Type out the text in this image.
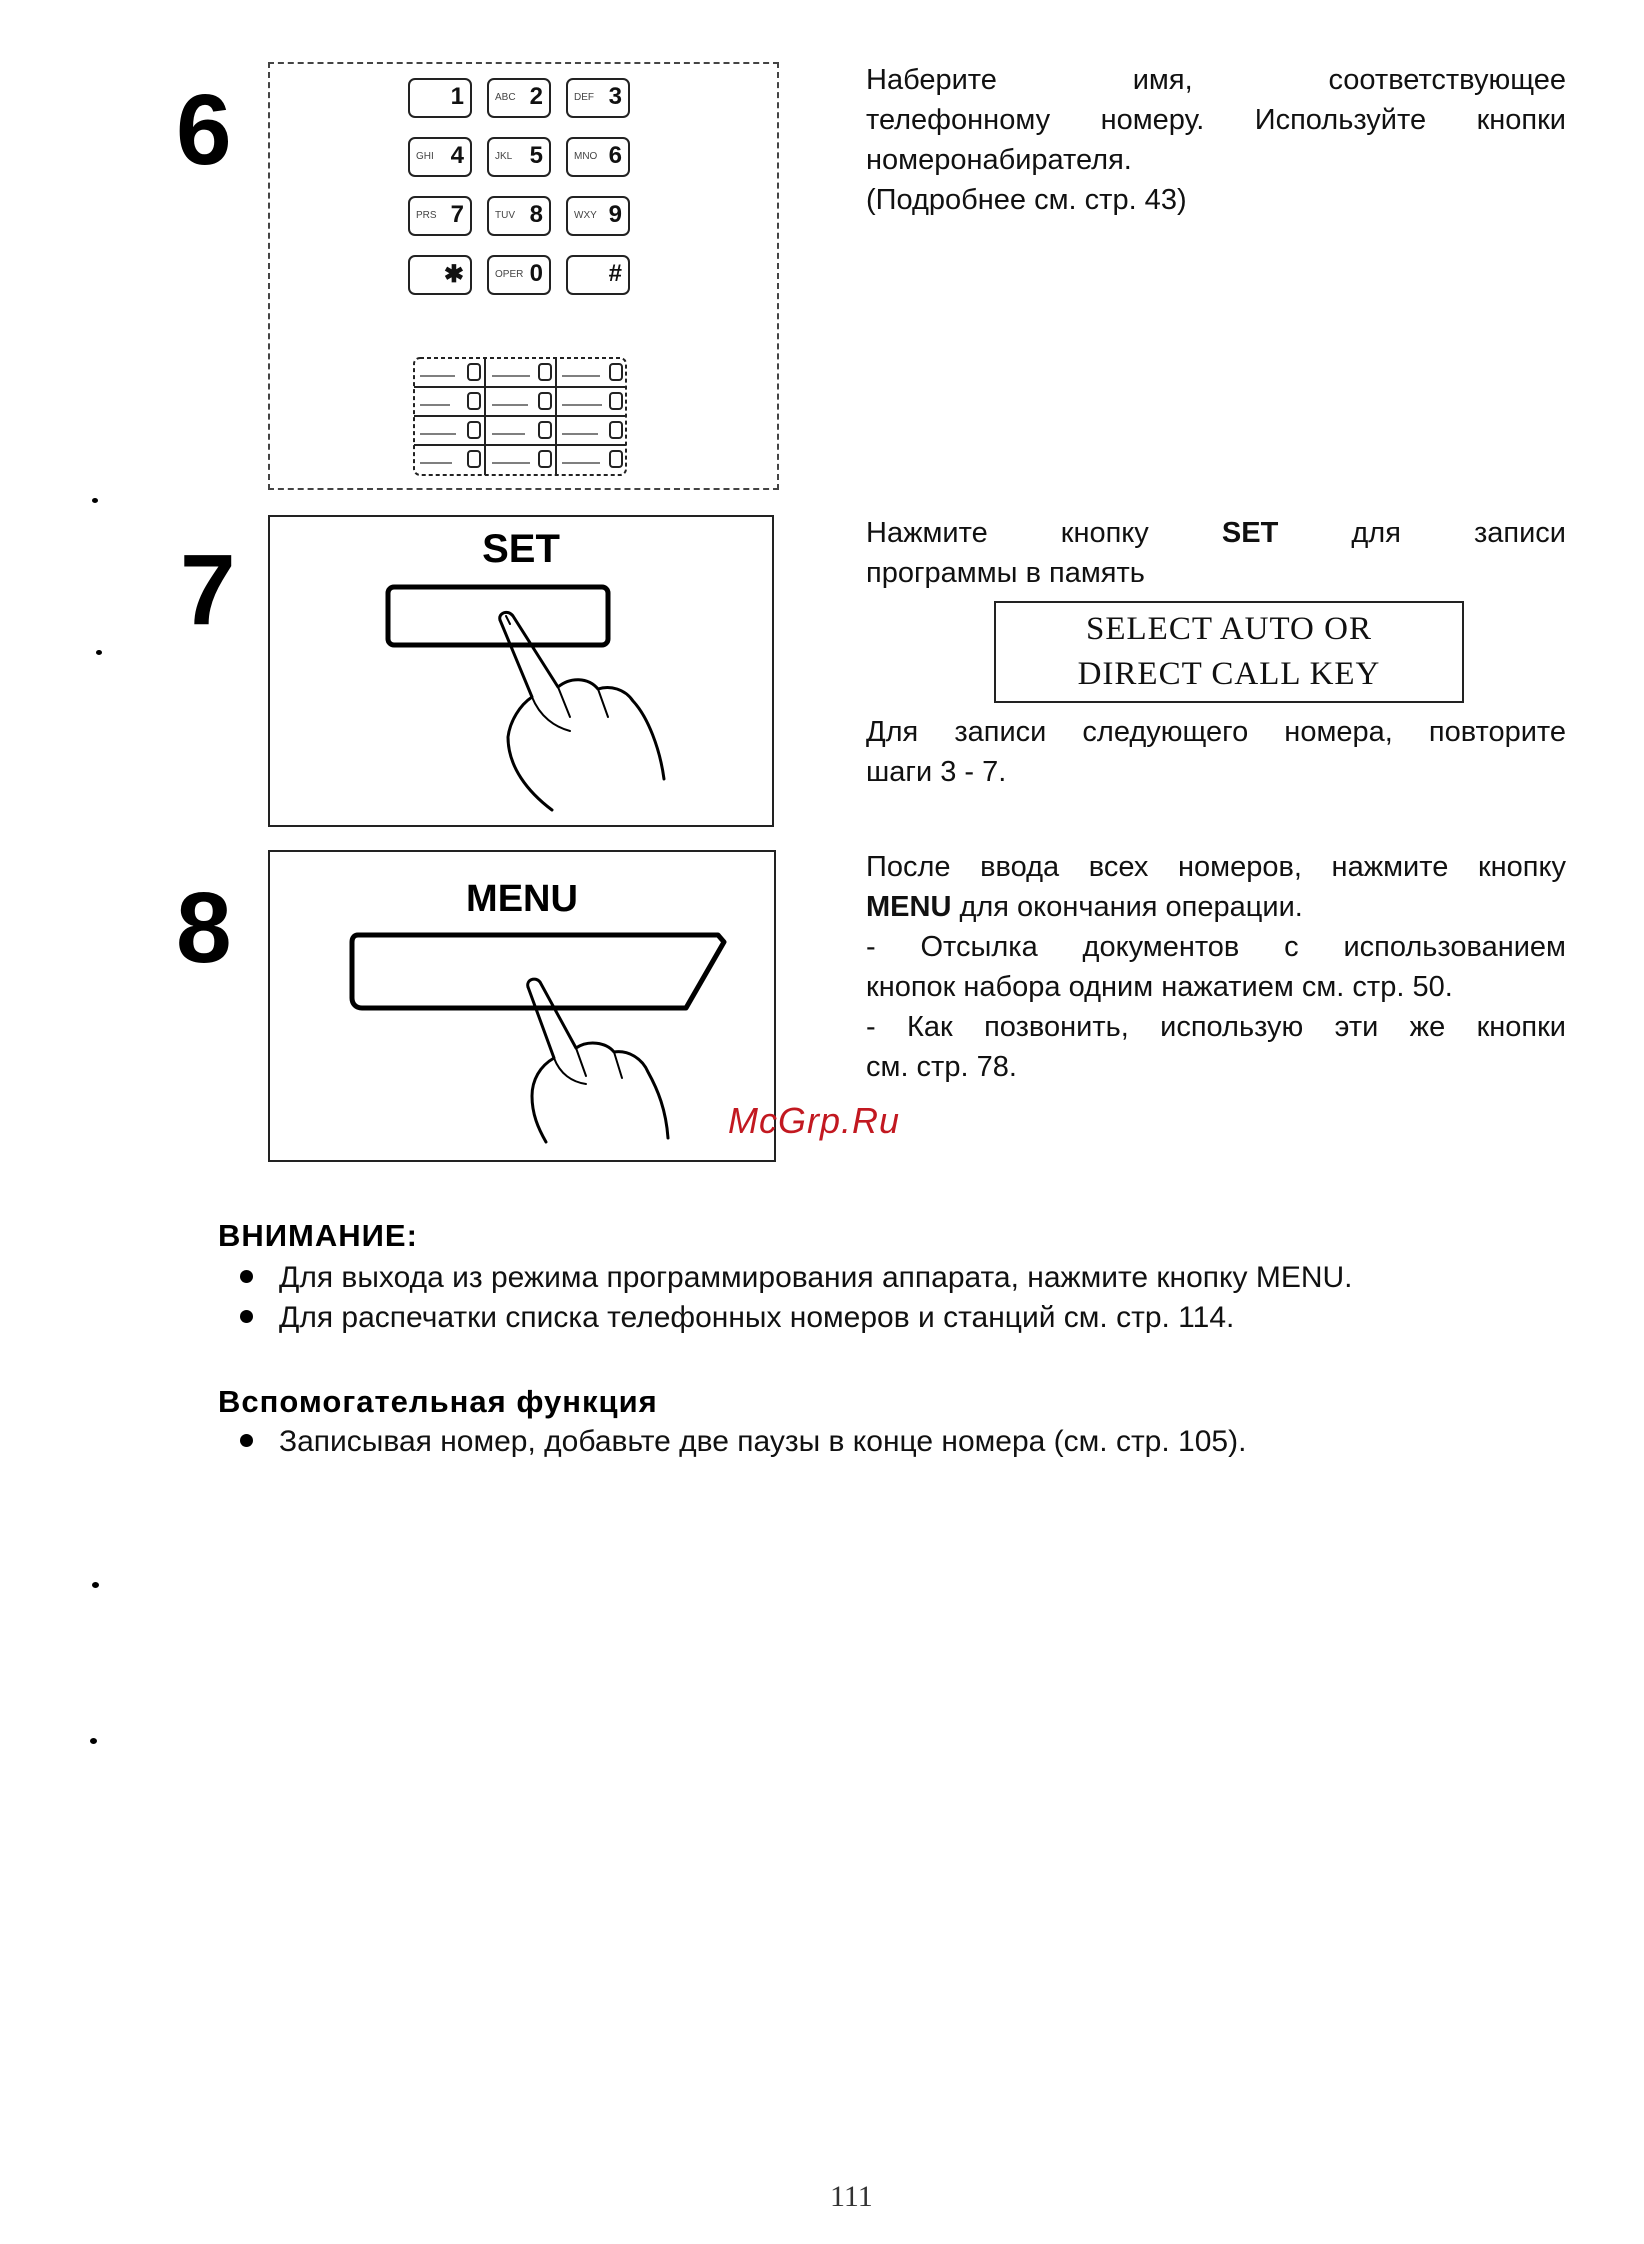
6	1	ABC 2	DEF 3
GHI 4	JKL 5	MNO 6
PRS 7	TUV 8	WXY 9
✱	OPER 0	#
Наберите имя, соответствующее
телефонному номеру. Используйте кнопки
номеронабирателя.
(Подробнее см. стр. 43)
7	SET	Нажмите кнопку SET для записи
программы в память
SELECT AUTO OR
DIRECT CALL KEY
Для записи следующего номера, повторите
шаги 3 - 7.
8	MENU
После ввода всех номеров, нажмите кнопку
MENU для окончания операции.
- Отсылка документов с использованием
кнопок набора одним нажатием см. стр. 50.
- Как позвонить, использую эти же кнопки
см. стр. 78.
McGrp.Ru
ВНИМАНИЕ:
Для выхода из режима программирования аппарата, нажмите кнопку MENU.
Для распечатки списка телефонных номеров и станций см. стр. 114.
Вспомогательная функция
Записывая номер, добавьте две паузы в конце номера (см. стр. 105).
111
